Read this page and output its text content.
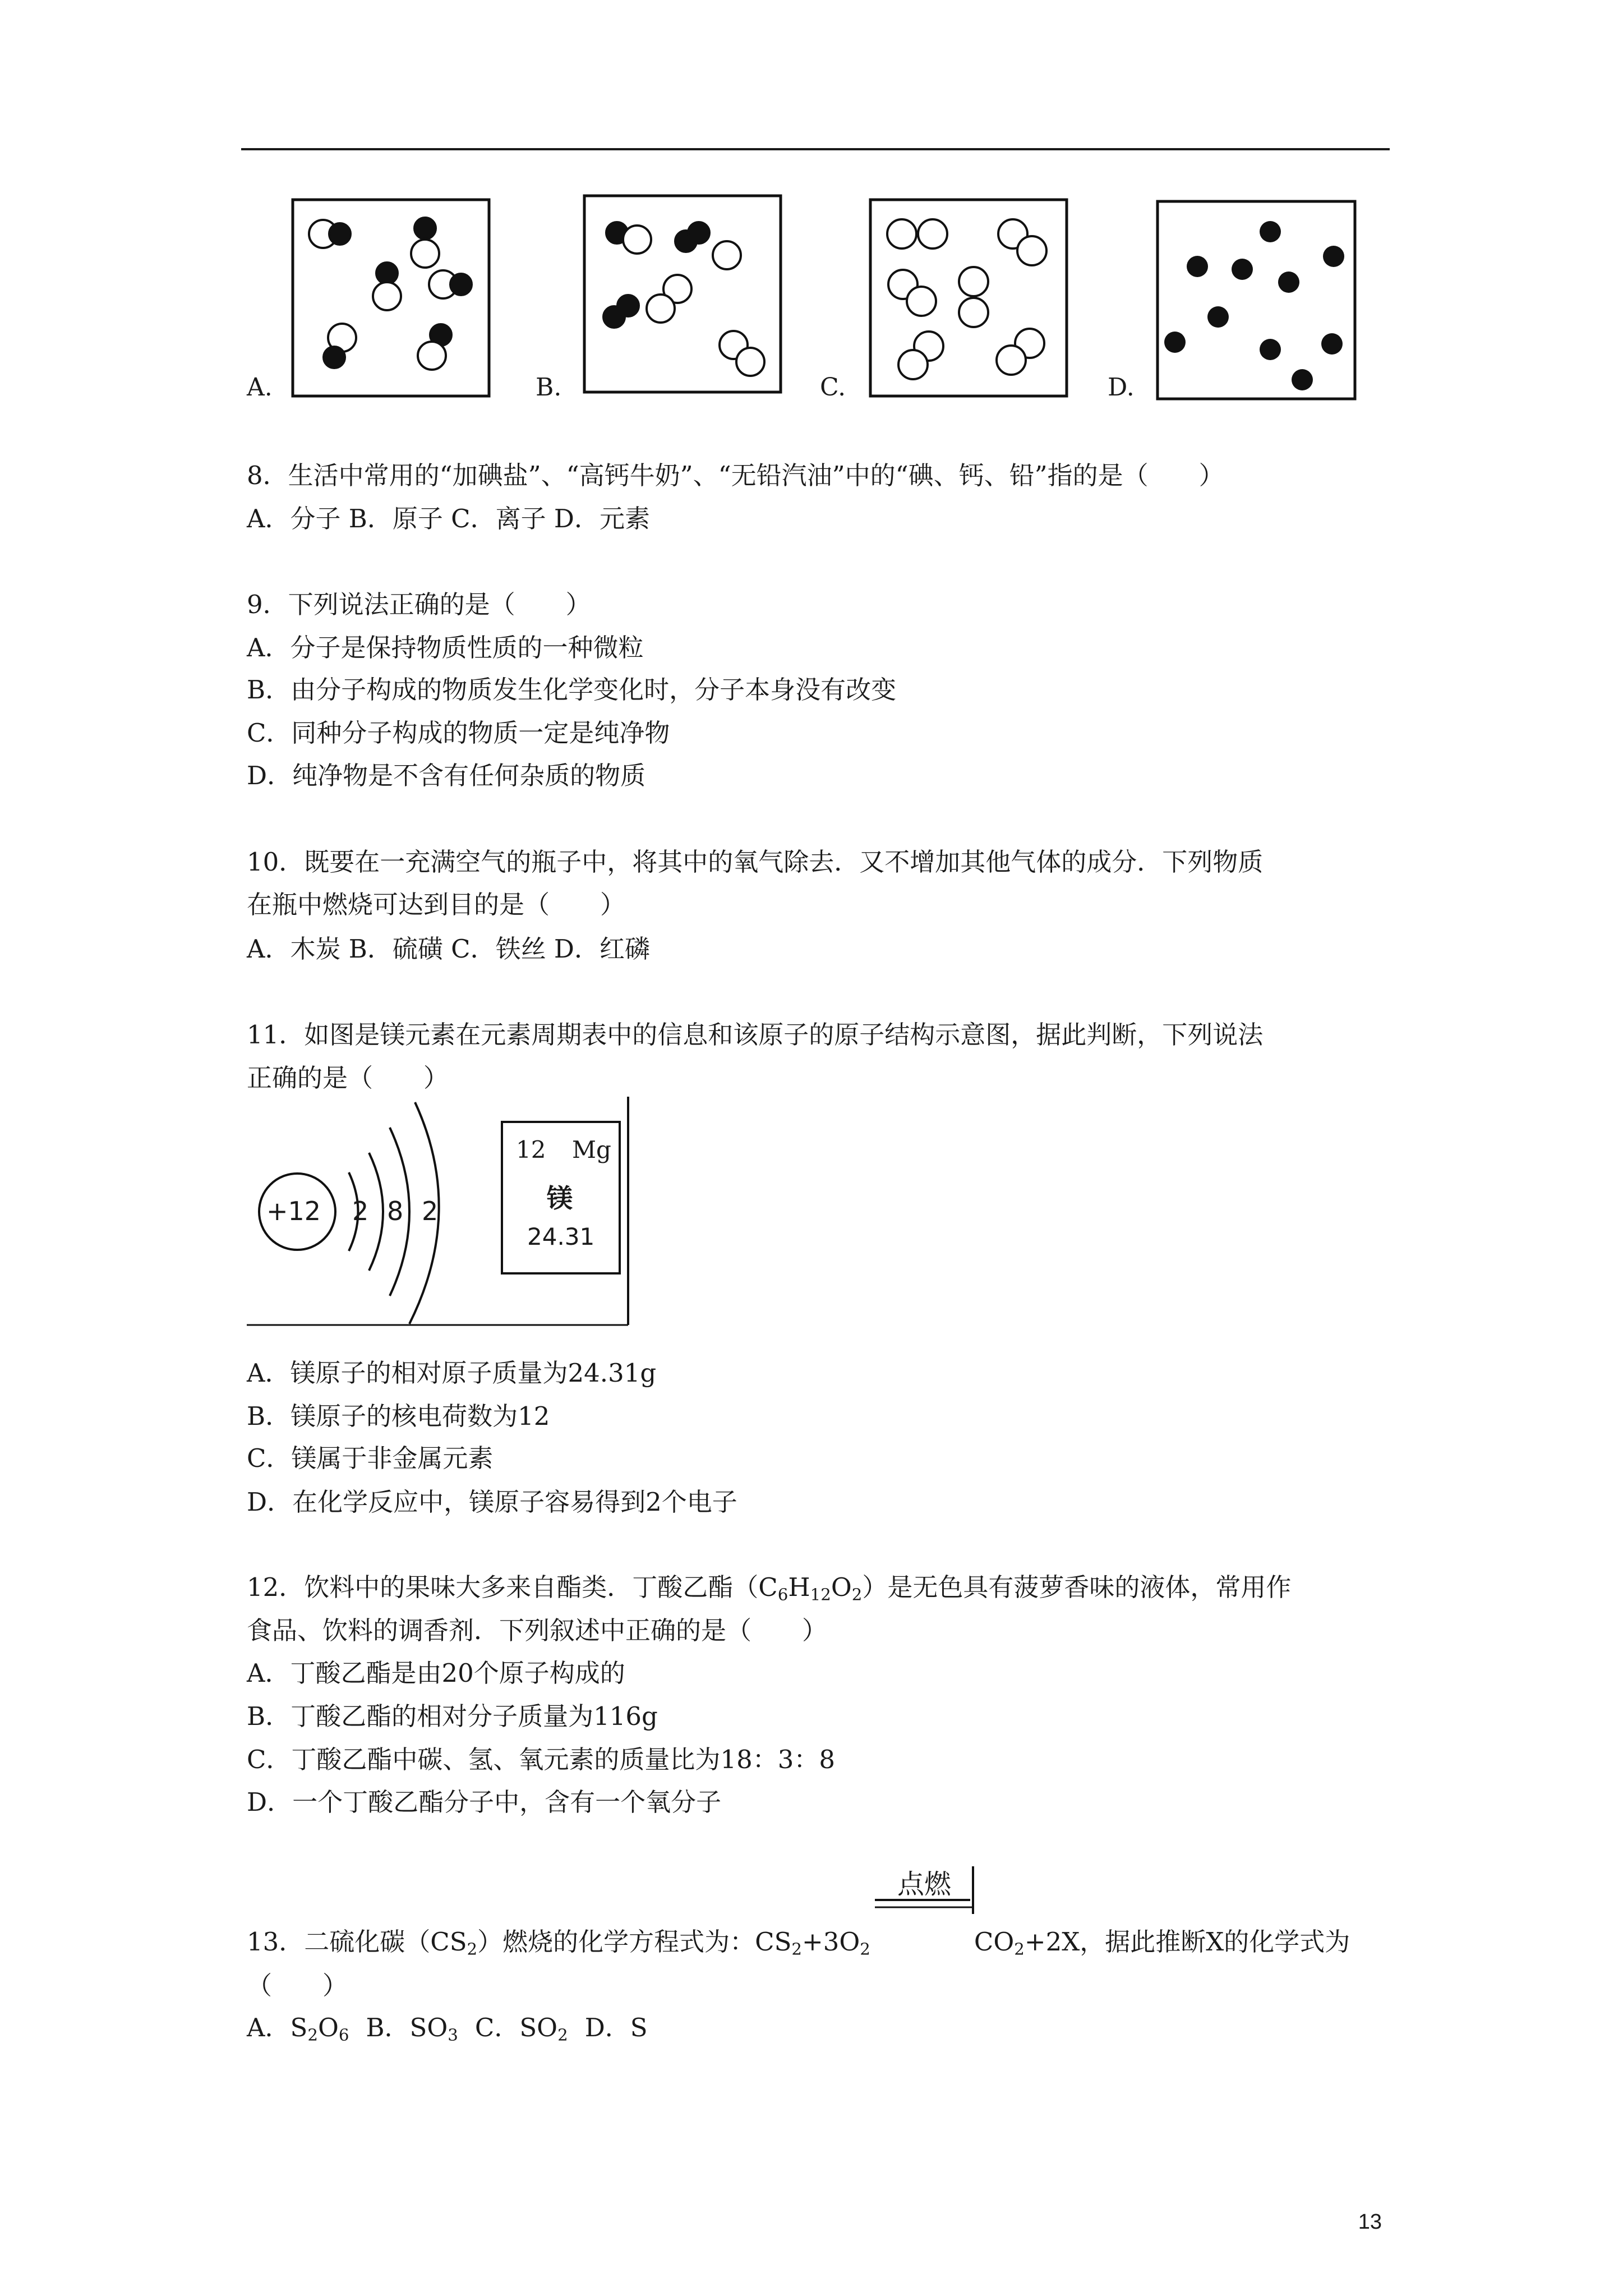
A.	B.	C.	D.
8．生活中常用的“加碘盐”、“高钙牛奶”、“无铅汽油”中的“碘、钙、铅”指的是（　　）
A．分子 B．原子 C．离子 D．元素
9．下列说法正确的是（　　）
A．分子是保持物质性质的一种微粒
B．由分子构成的物质发生化学变化时，分子本身没有改变
C．同种分子构成的物质一定是纯净物
D．纯净物是不含有任何杂质的物质
10．既要在一充满空气的瓶子中，将其中的氧气除去．又不增加其他气体的成分．下列物质
在瓶中燃烧可达到目的是（　　）
A．木炭 B．硫磺 C．铁丝 D．红磷
11．如图是镁元素在元素周期表中的信息和该原子的原子结构示意图，据此判断，下列说法
正确的是（　　）
+12 2 8 2
12 Mg
镁
24.31
A．镁原子的相对原子质量为24.31g
B．镁原子的核电荷数为12
C．镁属于非金属元素
D．在化学反应中，镁原子容易得到2个电子
12．饮料中的果味大多来自酯类．丁酸乙酯$(C_6H_{12}O_2)$是无色具有菠萝香味的液体，常用作
食品、饮料的调香剂．下列叙述中正确的是（　　）
A．丁酸乙酯是由20个原子构成的
B．丁酸乙酯的相对分子质量为116g
C．丁酸乙酯中碳、氢、氧元素的质量比为18：3：8
D．一个丁酸乙酯分子中，含有一个氧分子
点燃
13．二硫化碳$(CS_2)$燃烧的化学方程式为：$CS_2+3O_2$	$CO_2+2X$，据此推断X的化学式为
（　　）
A．$S_2O_6$ B．$SO_3$ C．$SO_2$ D．S
13
